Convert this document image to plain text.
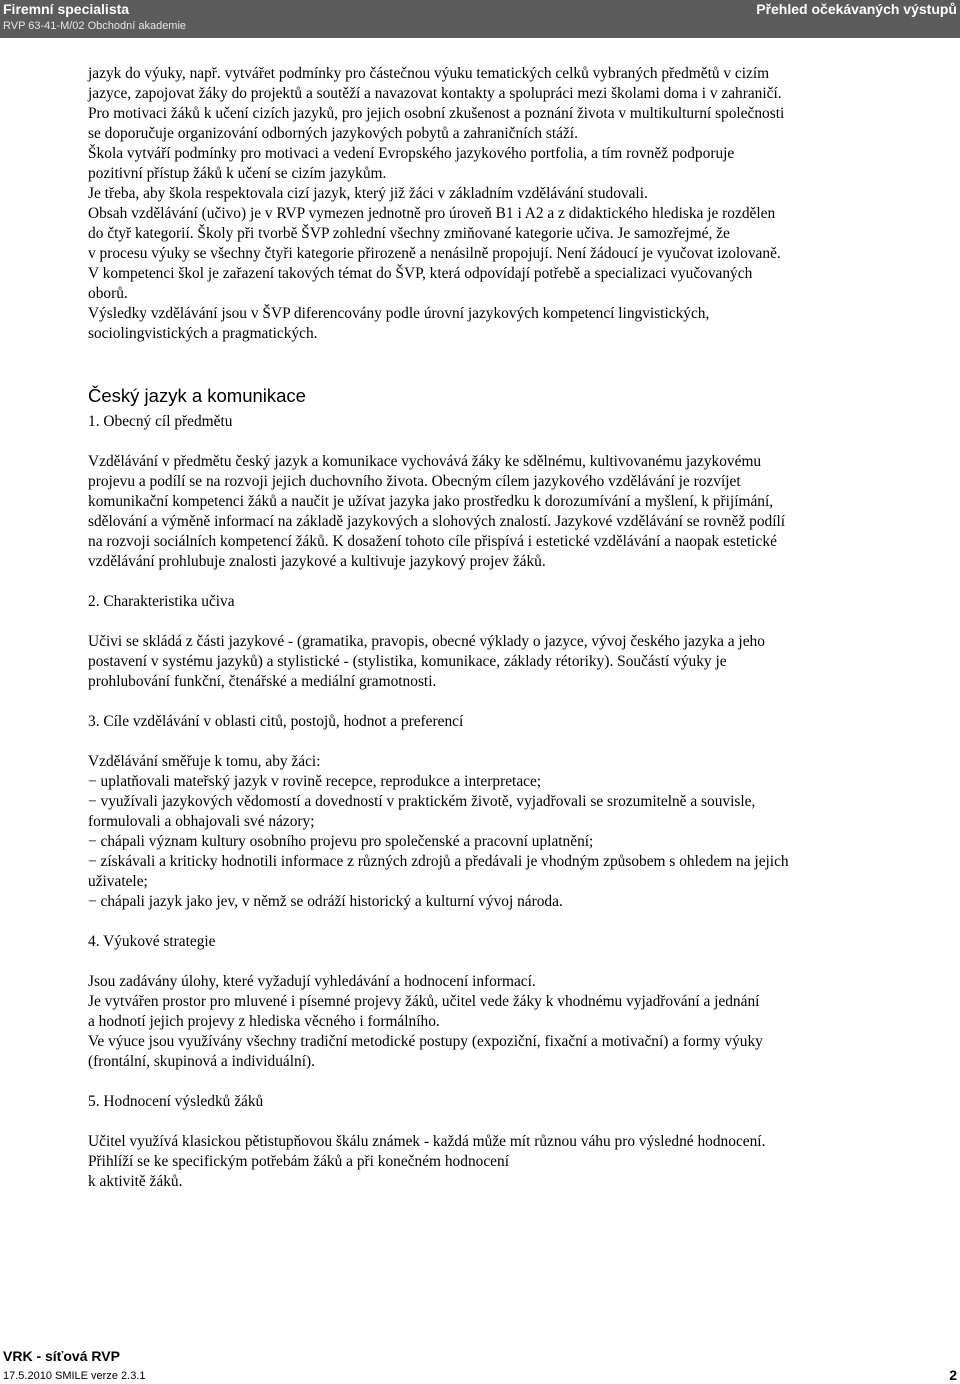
Firemní specialista
RVP 63-41-M/02 Obchodní akademie
Přehled očekávaných výstupů

jazyk do výuky, např. vytvářet podmínky pro částečnou výuku tematických celků vybraných předmětů v cizím

jazyce, zapojovat žáky do projektů a soutěží a navazovat kontakty a spolupráci mezi školami doma i v zahraničí.

Pro motivaci žáků k učení cizích jazyků, pro jejich osobní zkušenost a poznání života v multikulturní společnosti

se doporučuje organizování odborných jazykových pobytů a zahraničních stáží.

Škola vytváří podmínky pro motivaci a vedení Evropského jazykového portfolia, a tím rovněž podporuje

pozitivní přístup žáků k učení se cizím jazykům.

Je třeba, aby škola respektovala cizí jazyk, který již žáci v základním vzdělávání studovali.

Obsah vzdělávání (učivo) je v RVP vymezen jednotně pro úroveň B1 i A2 a z didaktického hlediska je rozdělen

do čtyř kategorií. Školy při tvorbě ŠVP zohlední všechny zmiňované kategorie učiva. Je samozřejmé, že

v procesu výuky se všechny čtyři kategorie přirozeně a nenásilně propojují. Není žádoucí je vyučovat izolovaně.

V kompetenci škol je zařazení takových témat do ŠVP, která odpovídají potřebě a specializaci vyučovaných

oborů.

Výsledky vzdělávání jsou v ŠVP diferencovány podle úrovní jazykových kompetencí lingvistických,

sociolingvistických a pragmatických.

Český jazyk a komunikace

1. Obecný cíl předmětu

Vzdělávání v předmětu český jazyk a komunikace vychovává žáky ke sdělnému, kultivovanému jazykovému

projevu a podílí se na rozvoji jejich duchovního života. Obecným cílem jazykového vzdělávání je rozvíjet

komunikační kompetenci žáků a naučit je užívat jazyka jako prostředku k dorozumívání a myšlení, k přijímání,

sdělování a výměně informací na základě jazykových a slohových znalostí. Jazykové vzdělávání se rovněž podílí

na rozvoji sociálních kompetencí žáků. K dosažení tohoto cíle přispívá i estetické vzdělávání a naopak estetické

vzdělávání prohlubuje znalosti jazykové a kultivuje jazykový projev žáků.

2. Charakteristika učiva

Učivi se skládá z části jazykové - (gramatika, pravopis, obecné výklady o jazyce, vývoj českého jazyka a jeho

postavení v systému jazyků) a stylistické - (stylistika, komunikace, základy rétoriky). Součástí výuky je

prohlubování funkční, čtenářské a mediální gramotnosti.

3. Cíle vzdělávání v oblasti citů, postojů, hodnot a preferencí

Vzdělávání směřuje k tomu, aby žáci:

− uplatňovali mateřský jazyk v rovině recepce, reprodukce a interpretace;

− využívali jazykových vědomostí a dovedností v praktickém životě, vyjadřovali se srozumitelně a souvisle,

formulovali a obhajovali své názory;

− chápali význam kultury osobního projevu pro společenské a pracovní uplatnění;

− získávali a kriticky hodnotili informace z různých zdrojů a předávali je vhodným způsobem s ohledem na jejich

uživatele;

− chápali jazyk jako jev, v němž se odráží historický a kulturní vývoj národa.

4. Výukové strategie

Jsou zadávány úlohy, které vyžadují vyhledávání a hodnocení informací.

Je vytvářen prostor pro mluvené i písemné projevy žáků, učitel vede žáky k vhodnému vyjadřování a jednání

a hodnotí jejich projevy z hlediska věcného i formálního.

Ve výuce jsou využívány všechny tradiční metodické postupy (expoziční, fixační a motivační) a formy výuky

(frontální, skupinová a individuální).

5. Hodnocení výsledků žáků

Učitel využívá klasickou pětistupňovou škálu známek - každá může mít různou váhu pro výsledné hodnocení.

Přihlíží se ke specifickým potřebám žáků a při konečném hodnocení

k aktivitě žáků.

VRK - síťová RVP
17.5.2010 SMILE verze 2.3.1	2
